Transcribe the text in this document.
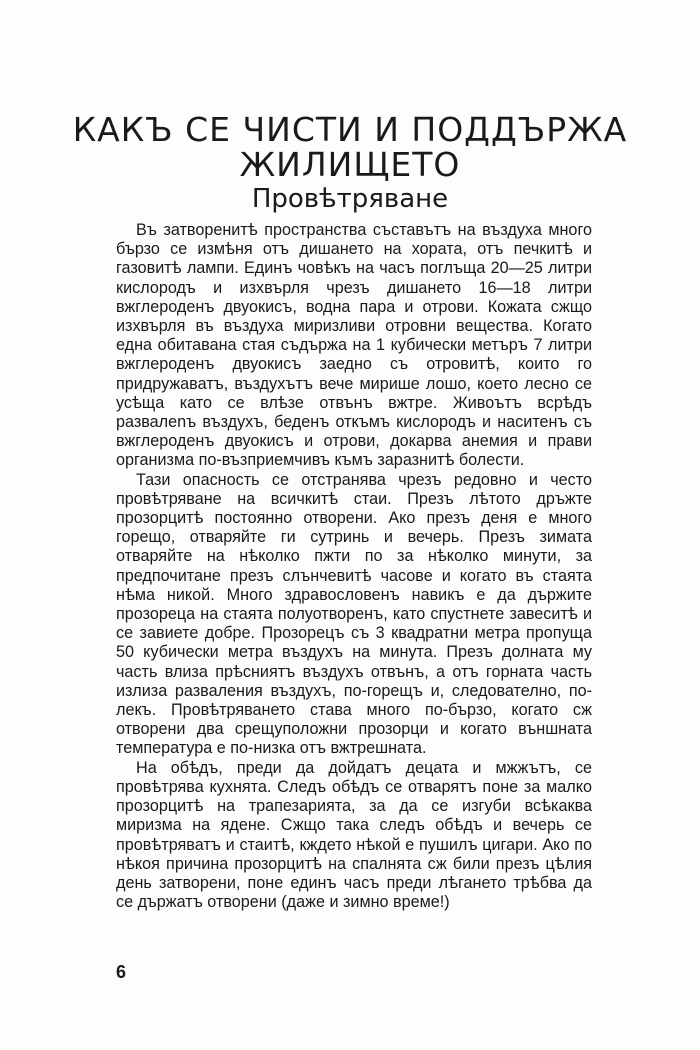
КАКЪ СЕ ЧИСТИ И ПОДДЪРЖА
ЖИЛИЩЕТО
Провѣтряване

Въ затворенитѣ пространства съставътъ на въздуха много бързо се измѣня отъ дишането на хората, отъ печкитѣ и газовитѣ лампи. Единъ човѣкъ на часъ поглъща 20—25 литри кислородъ и изхвърля чрезъ дишането 16—18 литри вжглероденъ двуокисъ, водна пара и отрови. Кожата сжщо изхвърля въ въздуха миризливи отровни вещества. Когато една обитавана стая съдържа на 1 кубически метъръ 7 литри вжглероденъ двуокисъ заедно съ отровитѣ, които го придружаватъ, въздухътъ вече мирише лошо, което лесно се усѣща като се влѣзе отвънъ вжтре. Живоътъ всрѣдъ развалenъ въздухъ, беденъ откъмъ кислородъ и наситенъ съ вжглероденъ двуокисъ и отрови, докарва анемия и прави организма по-възприемчивъ къмъ заразнитѣ болести.

Тази опасность се отстранява чрезъ редовно и често провѣтряване на всичкитѣ стаи. Презъ лѣтото дръжте прозорцитѣ постоянно отворени. Ако презъ деня е много горещо, отваряйте ги сутринь и вечерь. Презъ зимата отваряйте на нѣколко пжти по за нѣколко минути, за предпочитане презъ слънчевитѣ часове и когато въ стаята нѣма никой. Много здравословенъ навикъ е да държите прозореца на стаята полуотворенъ, като спустнете завеситѣ и се завиете добре. Прозорецъ съ 3 квадратни метра пропуща 50 кубически метра въздухъ на минута. Презъ долната му часть влиза прѣсниятъ въздухъ отвънъ, а отъ горната часть излиза разваления въздухъ, по-горещъ и, следователно, по-лекъ. Провѣтряването става много по-бързо, когато сж отворени два срещуположни прозорци и когато външната температура е по-низка отъ вжтрешната.

На обѣдъ, преди да дойдатъ децата и мжжътъ, се провѣтрява кухнята. Следъ обѣдъ се отварятъ поне за малко прозорцитѣ на трапезарията, за да се изгуби всѣкаква миризма на ядене. Сжщо така следъ обѣдъ и вечерь се провѣтряватъ и стаитѣ, кждето нѣкой е пушилъ цигари. Ако по нѣкоя причина прозорцитѣ на спалнята сж били презъ цѣлия день затворени, поне единъ часъ преди лѣгането трѣбва да се държатъ отворени (даже и зимно време!)

6
